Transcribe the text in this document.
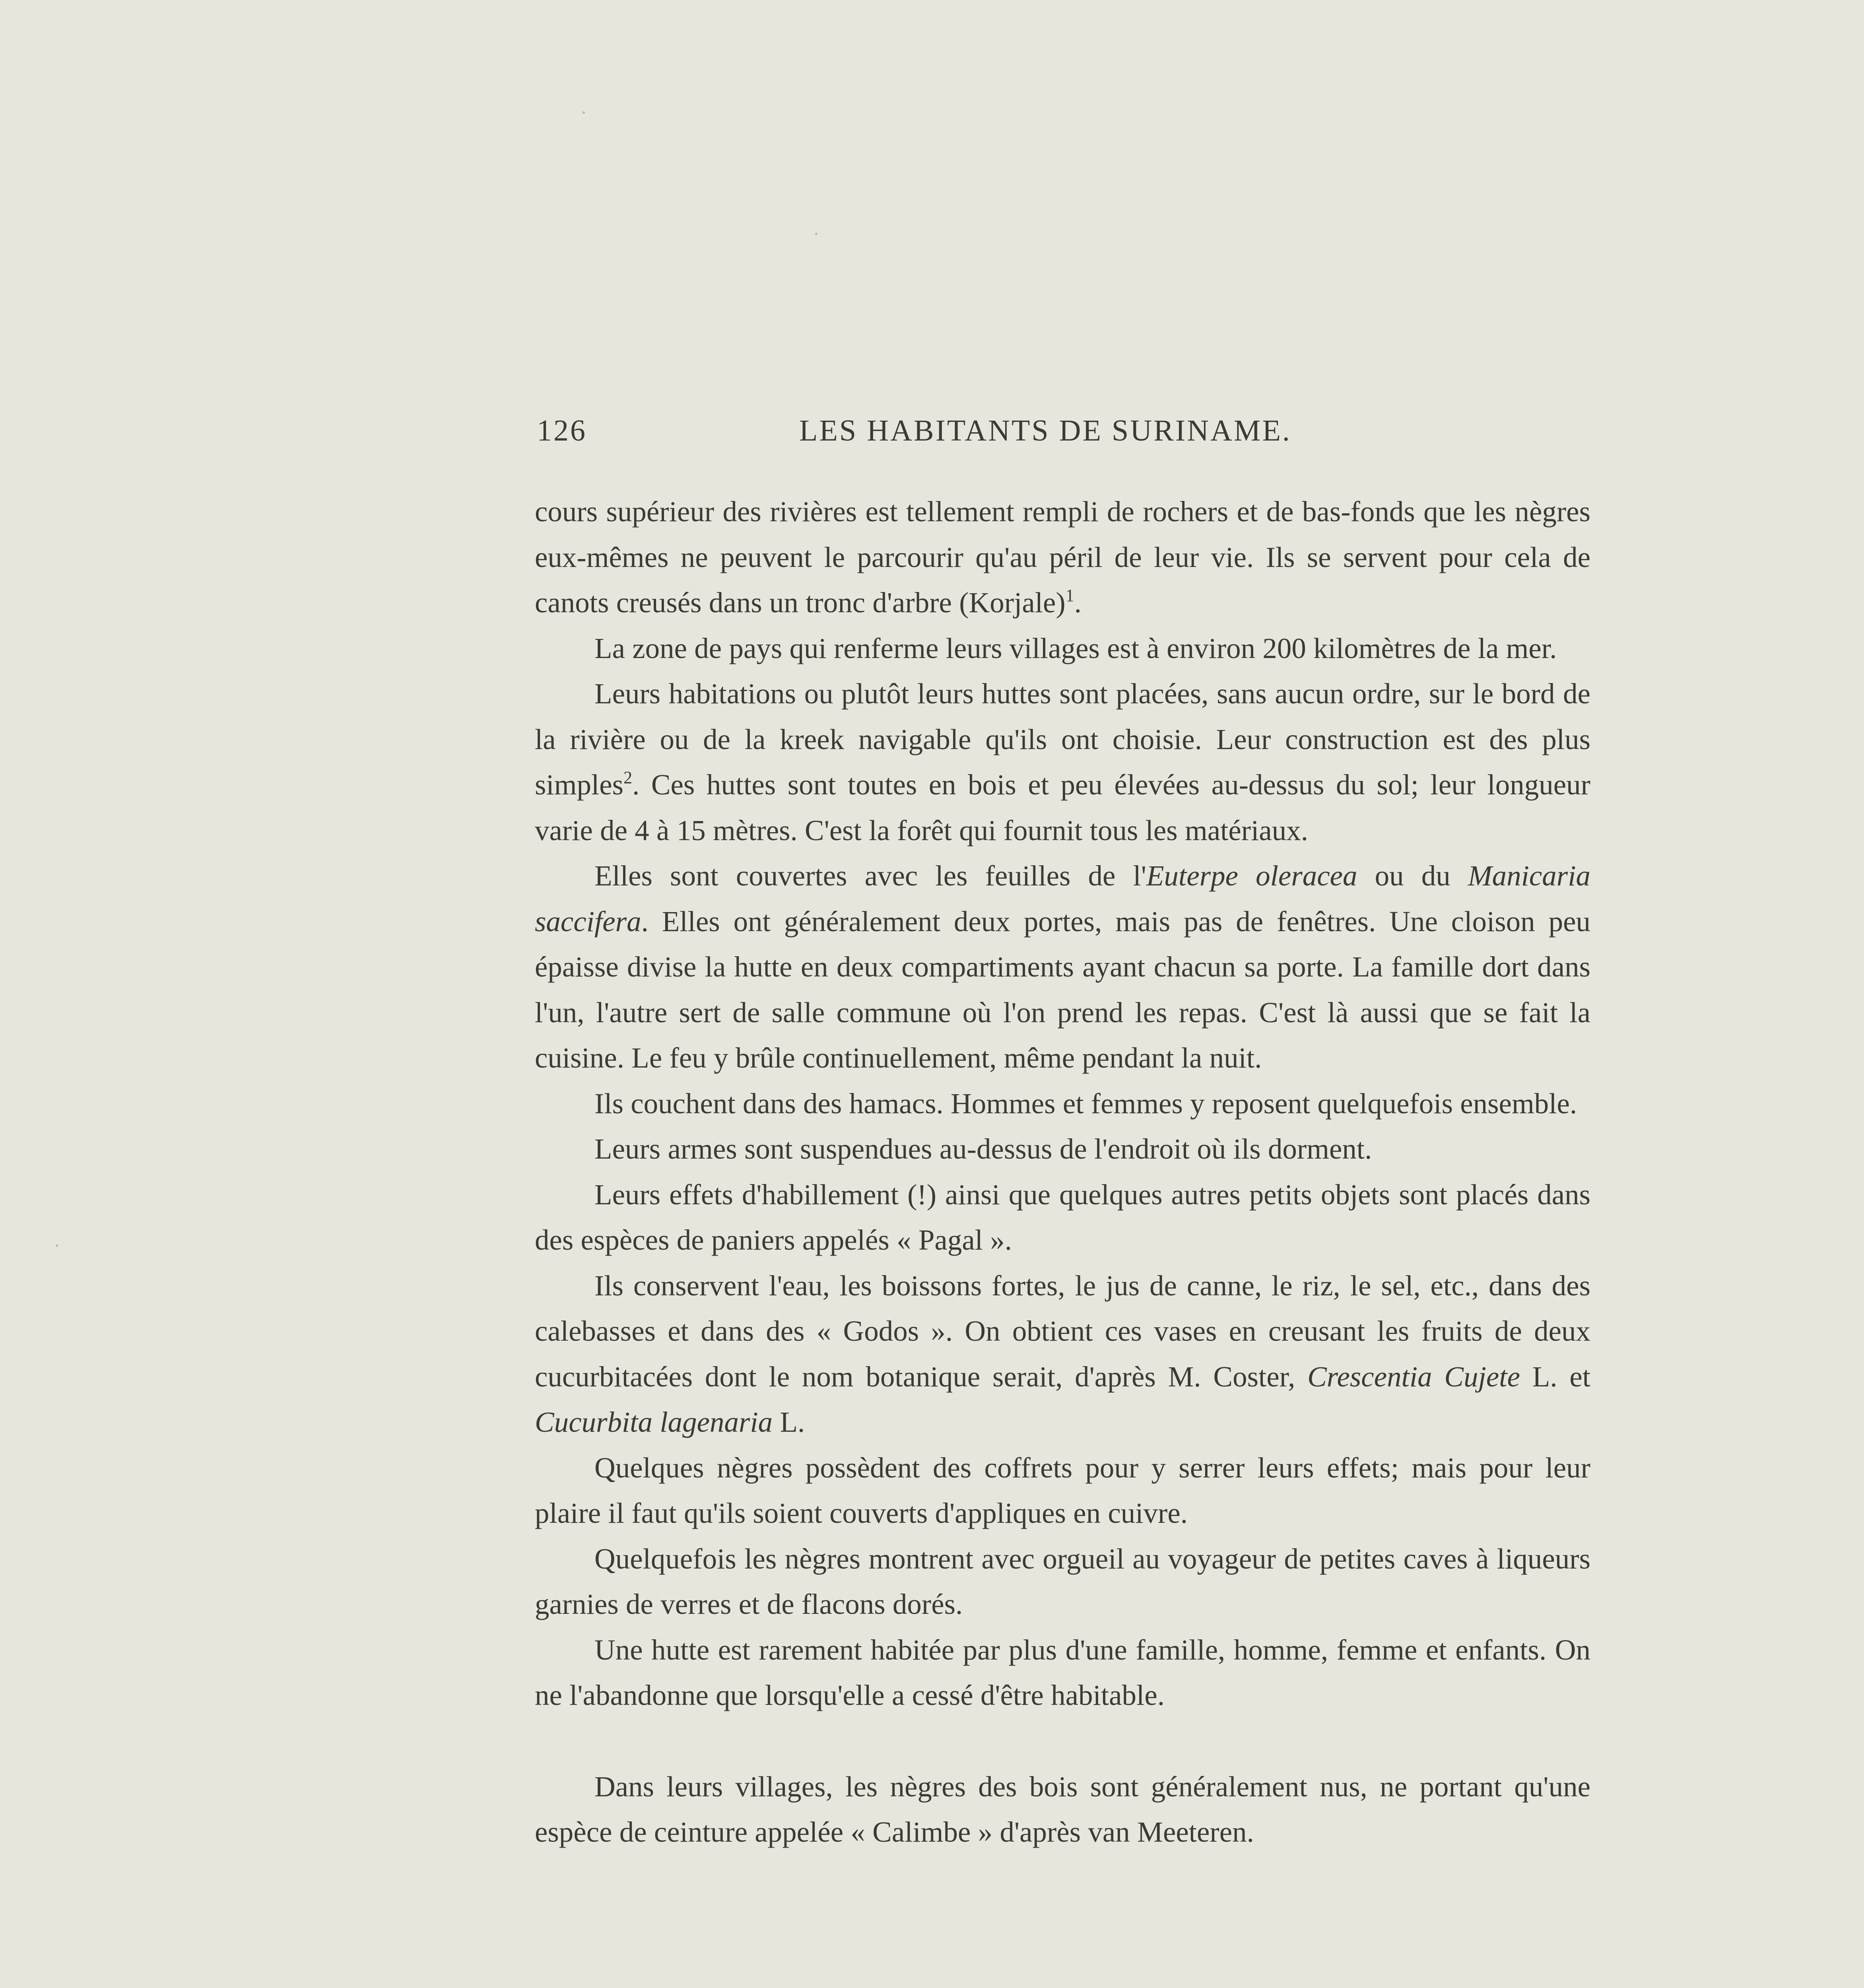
126	LES HABITANTS DE SURINAME.

cours supérieur des rivières est tellement rempli de rochers et de bas-fonds que les nègres eux-mêmes ne peuvent le parcourir qu'au péril de leur vie. Ils se servent pour cela de canots creusés dans un tronc d'arbre (Korjale)$^1$.

La zone de pays qui renferme leurs villages est à environ 200 kilomètres de la mer.

Leurs habitations ou plutôt leurs huttes sont placées, sans aucun ordre, sur le bord de la rivière ou de la kreek navigable qu'ils ont choisie. Leur construction est des plus simples$^2$. Ces huttes sont toutes en bois et peu élevées au-dessus du sol; leur longueur varie de 4 à 15 mètres. C'est la forêt qui fournit tous les matériaux.

Elles sont couvertes avec les feuilles de l'Euterpe oleracea ou du Manicaria saccifera. Elles ont généralement deux portes, mais pas de fenêtres. Une cloison peu épaisse divise la hutte en deux compartiments ayant chacun sa porte. La famille dort dans l'un, l'autre sert de salle commune où l'on prend les repas. C'est là aussi que se fait la cuisine. Le feu y brûle continuellement, même pendant la nuit.

Ils couchent dans des hamacs. Hommes et femmes y reposent quelquefois ensemble.

Leurs armes sont suspendues au-dessus de l'endroit où ils dorment.

Leurs effets d'habillement (!) ainsi que quelques autres petits objets sont placés dans des espèces de paniers appelés « Pagal ».

Ils conservent l'eau, les boissons fortes, le jus de canne, le riz, le sel, etc., dans des calebasses et dans des « Godos ». On obtient ces vases en creusant les fruits de deux cucurbitacées dont le nom botanique serait, d'après M. Coster, Crescentia Cujete L. et Cucurbita lagenaria L.

Quelques nègres possèdent des coffrets pour y serrer leurs effets; mais pour leur plaire il faut qu'ils soient couverts d'appliques en cuivre.

Quelquefois les nègres montrent avec orgueil au voyageur de petites caves à liqueurs garnies de verres et de flacons dorés.

Une hutte est rarement habitée par plus d'une famille, homme, femme et enfants. On ne l'abandonne que lorsqu'elle a cessé d'être habitable.

Dans leurs villages, les nègres des bois sont généralement nus, ne portant qu'une espèce de ceinture appelée « Calimbe » d'après van Meeteren.
